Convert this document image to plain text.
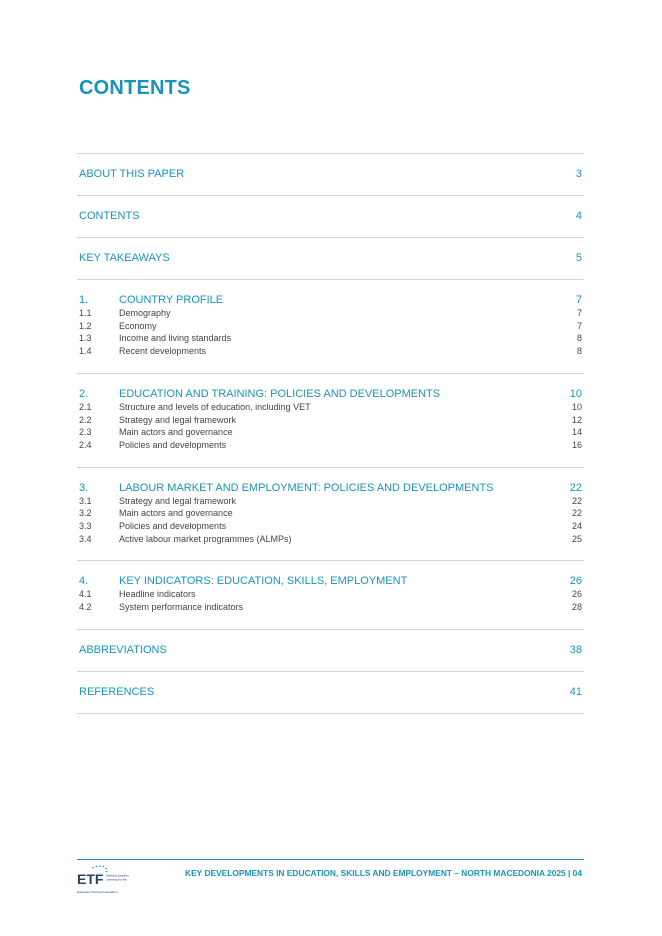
CONTENTS
ABOUT THIS PAPER	3
CONTENTS	4
KEY TAKEAWAYS	5
1.	COUNTRY PROFILE	7
1.1	Demography	7
1.2	Economy	7
1.3	Income and living standards	8
1.4	Recent developments	8
2.	EDUCATION AND TRAINING: POLICIES AND DEVELOPMENTS	10
2.1	Structure and levels of education, including VET	10
2.2	Strategy and legal framework	12
2.3	Main actors and governance	14
2.4	Policies and developments	16
3.	LABOUR MARKET AND EMPLOYMENT: POLICIES AND DEVELOPMENTS	22
3.1	Strategy and legal framework	22
3.2	Main actors and governance	22
3.3	Policies and developments	24
3.4	Active labour market programmes (ALMPs)	25
4.	KEY INDICATORS: EDUCATION, SKILLS, EMPLOYMENT	26
4.1	Headline indicators	26
4.2	System performance indicators	28
ABBREVIATIONS	38
REFERENCES	41
ETF Working together
Learning for life
European Training Foundation
KEY DEVELOPMENTS IN EDUCATION, SKILLS AND EMPLOYMENT – NORTH MACEDONIA 2025 | 04
